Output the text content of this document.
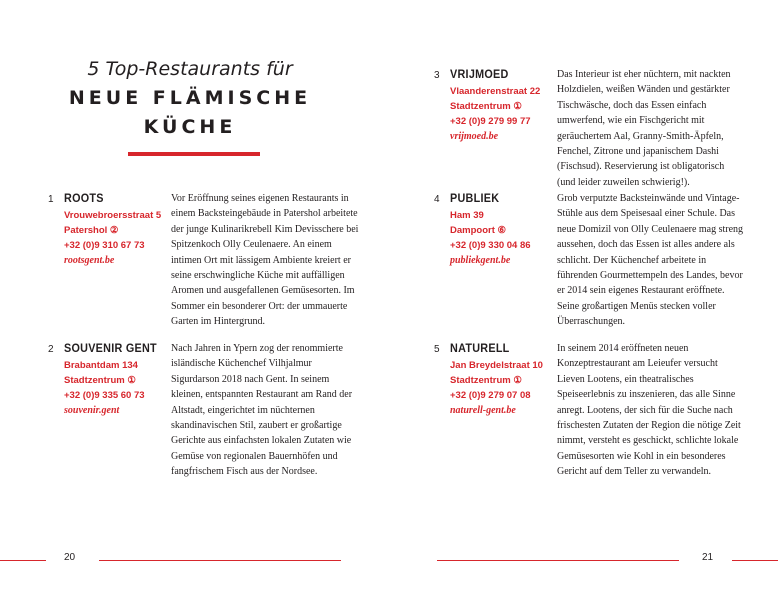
5 Top-Restaurants für
NEUE FLÄMISCHE
KÜCHE
1 ROOTS
Vrouwebroersstraat 5
Patershol ②
+32 (0)9 310 67 73
rootsgent.be
Vor Eröffnung seines eigenen Restaurants in einem Backsteingebäude in Patershol arbeitete der junge Kulinarikrebell Kim Devisschere bei Spitzenkoch Olly Ceulenaere. An einem intimen Ort mit lässigem Ambiente kreiert er seine erschwingliche Küche mit auffälligen Aromen und ausgefallenen Gemüsesorten. Im Sommer ein besonderer Ort: der ummauerte Garten im Hintergrund.
2 SOUVENIR GENT
Brabantdam 134
Stadtzentrum ①
+32 (0)9 335 60 73
souvenir.gent
Nach Jahren in Ypern zog der renommierte isländische Küchenchef Vilhjalmur Sigurdarson 2018 nach Gent. In seinem kleinen, entspannten Restaurant am Rand der Altstadt, eingerichtet im nüchternen skandinavischen Stil, zaubert er großartige Gerichte aus einfachsten lokalen Zutaten wie Gemüse von regionalen Bauernhöfen und fangfrischem Fisch aus der Nordsee.
20
3 VRIJMOED
Vlaanderenstraat 22
Stadtzentrum ①
+32 (0)9 279 99 77
vrijmoed.be
Das Interieur ist eher nüchtern, mit nackten Holzdielen, weißen Wänden und gestärkter Tischwäsche, doch das Essen einfach umwerfend, wie ein Fischgericht mit geräuchertem Aal, Granny-Smith-Äpfeln, Fenchel, Zitrone und japanischem Dashi (Fischsud). Reservierung ist obligatorisch (und leider zuweilen schwierig!).
4 PUBLIEK
Ham 39
Dampoort ⑥
+32 (0)9 330 04 86
publiekgent.be
Grob verputzte Backsteinwände und Vintage-Stühle aus dem Speisesaal einer Schule. Das neue Domizil von Olly Ceulenaere mag streng aussehen, doch das Essen ist alles andere als schlicht. Der Küchenchef arbeitete in führenden Gourmettempeln des Landes, bevor er 2014 sein eigenes Restaurant eröffnete. Seine großartigen Menüs stecken voller Überraschungen.
5 NATURELL
Jan Breydelstraat 10
Stadtzentrum ①
+32 (0)9 279 07 08
naturell-gent.be
In seinem 2014 eröffneten neuen Konzeptrestaurant am Leieufer versucht Lieven Lootens, ein theatralisches Speiseerlebnis zu inszenieren, das alle Sinne anregt. Lootens, der sich für die Suche nach frischesten Zutaten der Region die nötige Zeit nimmt, versteht es geschickt, schlichte lokale Gemüsesorten wie Kohl in ein besonderes Gericht auf dem Teller zu verwandeln.
21
